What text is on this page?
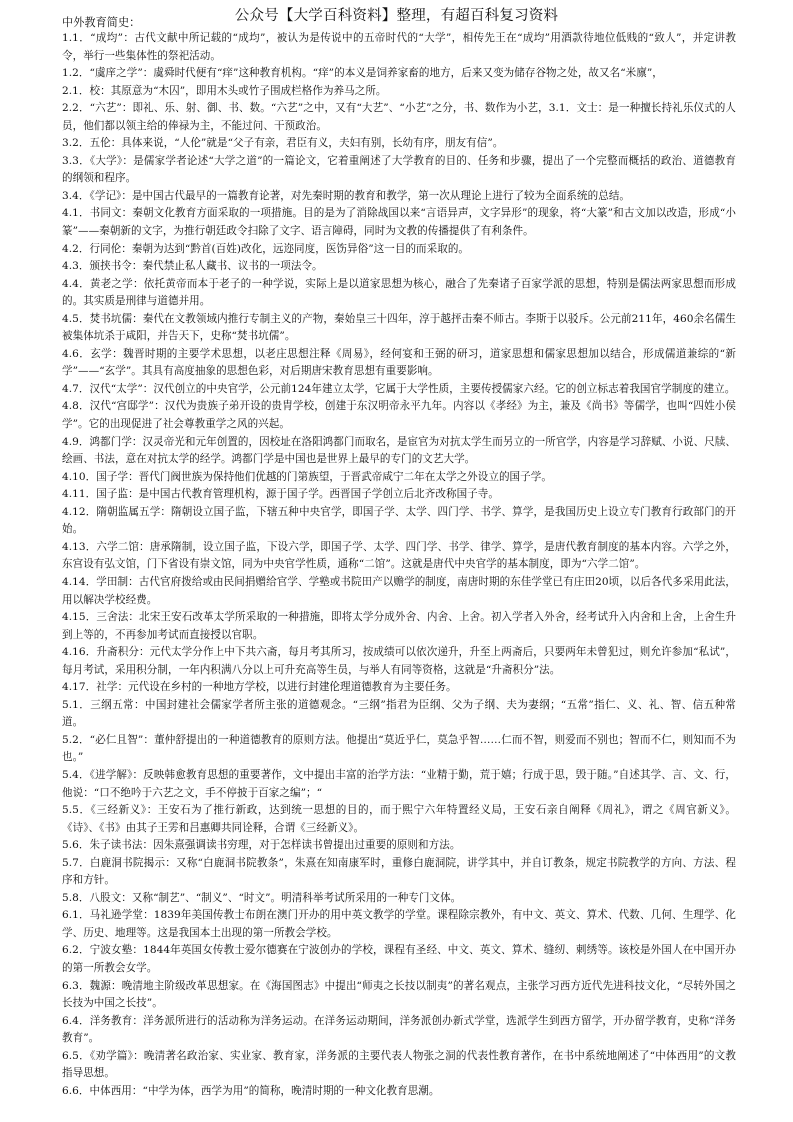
公众号【大学百科资料】整理，有超百科复习资料
中外教育简史：

1.1．“成均”：古代文献中所记载的“成均”，被认为是传说中的五帝时代的“大学”，相传先王在“成均”用酒款待地位低贱的“致人”，并定讲教令，举行一些集体性的祭祀活动。

1.2．“虞庠之学”：虞舜时代便有“痒”这种教育机构。“痒”的本义是饲养家畜的地方，后来又变为储存谷物之处，故又名“米廪”，

2.1．校：其原意为“木囚”，即用木头或竹子围成栏格作为养马之所。

2.2．“六艺”：即礼、乐、射、御、书、数。“六艺”之中，又有“大艺”、“小艺”之分，书、数作为小艺，3.1．文士：是一种擅长持礼乐仪式的人员，他们都以领主给的俸禄为主，不能过问、干预政治。

3.2．五伦：具体来说，“人伦”就是“父子有亲，君臣有义，夫妇有别，长幼有序，朋友有信”。

3.3．《大学》：是儒家学者论述“大学之道”的一篇论文，它着重阐述了大学教育的目的、任务和步骤，提出了一个完整而概括的政治、道德教育的纲领和程序。

3.4．《学记》：是中国古代最早的一篇教育论著，对先秦时期的教育和教学，第一次从理论上进行了较为全面系统的总结。

4.1．书同文：秦朝文化教育方面采取的一项措施。目的是为了消除战国以来“言语异声，文字异形”的现象，将“大篆”和古文加以改造，形成“小篆”——秦朝新的文字，为推行朝廷政令扫除了文字、语言障碍，同时为文教的传播提供了有利条件。

4.2．行同伦：秦朝为达到“黔首(百姓)改化，远迩同度，医饬异俗”这一目的而采取的。

4.3．颁挟书令：秦代禁止私人藏书、议书的一项法令。

4.4．黄老之学：依托黄帝而本于老子的一种学说，实际上是以道家思想为核心，融合了先秦诸子百家学派的思想，特别是儒法两家思想而形成的。其实质是刑律与道德并用。

4.5．焚书坑儒：秦代在文教领域内推行专制主义的产物，秦始皇三十四年，淳于越抨击秦不师古。李斯于以驳斥。公元前211年，460余名儒生被集体坑杀于咸阳，并告天下，史称“焚书坑儒”。

4.6．玄学：魏晋时期的主要学术思想，以老庄思想注释《周易》，经何宴和王弼的研习，道家思想和儒家思想加以结合，形成儒道兼综的“新学”——“玄学”。其具有高度抽象的思想色彩，对后期唐宋教育思想有重要影响。

4.7．汉代“太学”：汉代创立的中央官学，公元前124年建立太学，它属于大学性质，主要传授儒家六经。它的创立标志着我国官学制度的建立。

4.8．汉代“宫邸学”：汉代为贵族子弟开设的贵胄学校，创建于东汉明帝永平九年。内容以《孝经》为主，兼及《尚书》等儒学，也叫“四姓小侯学”。它的出现促进了社会尊教重学之风的兴起。

4.9．鸿都门学：汉灵帝光和元年创置的，因校址在洛阳鸿都门而取名，是宦官为对抗太学生而另立的一所官学，内容是学习辞赋、小说、尺牍、绘画、书法，意在对抗太学的经学。鸿都门学是中国也是世界上最早的专门的文艺大学。

4.10．国子学：晋代门阀世族为保持他们优越的门第族望，于晋武帝咸宁二年在太学之外设立的国子学。

4.11．国子监：是中国古代教育管理机构，源于国子学。西晋国子学创立后北齐改称国子寺。

4.12．隋朝监属五学：隋朝设立国子监，下辖五种中央官学，即国子学、太学、四门学、书学、算学，是我国历史上设立专门教育行政部门的开始。

4.13．六学二馆：唐承隋制，设立国子监，下设六学，即国子学、太学、四门学、书学、律学、算学，是唐代教育制度的基本内容。六学之外，东宫设有弘文馆，门下省设有崇文馆，同为中央官学性质，通称“二馆”。这就是唐代中央官学的基本制度，即为“六学二馆”。

4.14．学田制：古代官府拨给或由民间捐赠给官学、学塾或书院田产以赡学的制度，南唐时期的东佳学堂已有庄田20顷，以后各代多采用此法，用以解决学校经费。

4.15．三舍法：北宋王安石改革太学所采取的一种措施，即将太学分成外舍、内舍、上舍。初入学者入外舍，经考试升入内舍和上舍，上舍生升到上等的，不再参加考试而直接授以官职。

4.16．升斋积分：元代太学分作上中下共六斋，每月考其所习，按成绩可以依次递升，升至上两斋后，只要两年未曾犯过，则允许参加“私试”，每月考试，采用积分制，一年内积满八分以上可升充高等生员，与举人有同等资格，这就是“升斋积分”法。

4.17．社学：元代设在乡村的一种地方学校，以进行封建伦理道德教育为主要任务。

5.1．三纲五常：中国封建社会儒家学者所主张的道德观念。“三纲”指君为臣纲、父为子纲、夫为妻纲；“五常”指仁、义、礼、智、信五种常道。

5.2．“必仁且智”：董仲舒提出的一种道德教育的原则方法。他提出“莫近乎仁，莫急乎智……仁而不智，则爱而不别也；智而不仁，则知而不为也。”

5.4．《进学解》：反映韩愈教育思想的重要著作，文中提出丰富的治学方法：“业精于勤，荒于嬉；行成于思，毁于随。”自述其学、言、文、行，他说：“口不绝吟于六艺之文，手不停披于百家之编”；“

5.5．《三经新义》：王安石为了推行新政，达到统一思想的目的，而于熙宁六年特置经义局，王安石亲自阐释《周礼》，谓之《周官新义》。《诗》、《书》由其子王雱和吕惠卿共同诠释，合谓《三经新义》。

5.6．朱子读书法：因朱熹强调读书穷理，对于怎样读书曾提出过重要的原则和方法。

5.7．白鹿洞书院揭示：又称“白鹿洞书院教条”，朱熹在知南康军时，重修白鹿洞院，讲学其中，并自订教条，规定书院教学的方向、方法、程序和方针。

5.8．八股文：又称“制艺”、“制义”、“时文”。明清科举考试所采用的一种专门文体。

6.1．马礼逊学堂：1839年美国传教士布朗在澳门开办的用中英文教学的学堂。课程除宗教外，有中文、英文、算术、代数、几何、生理学、化学、历史、地理等。这是我国本土出现的第一所教会学校。

6.2．宁波女塾：1844年英国女传教士爱尔德赛在宁波创办的学校，课程有圣经、中文、英文、算术、缝纫、刺绣等。该校是外国人在中国开办的第一所教会女学。

6.3．魏源：晚清地主阶级改革思想家。在《海国图志》中提出“师夷之长技以制夷”的著名观点，主张学习西方近代先进科技文化，“尽转外国之长技为中国之长技”。

6.4．洋务教育：洋务派所进行的活动称为洋务运动。在洋务运动期间，洋务派创办新式学堂，选派学生到西方留学，开办留学教育，史称“洋务教育”。

6.5．《劝学篇》：晚清著名政治家、实业家、教育家，洋务派的主要代表人物张之洞的代表性教育著作，在书中系统地阐述了“中体西用”的文教指导思想。

6.6．中体西用：“中学为体，西学为用”的简称，晚清时期的一种文化教育思潮。
